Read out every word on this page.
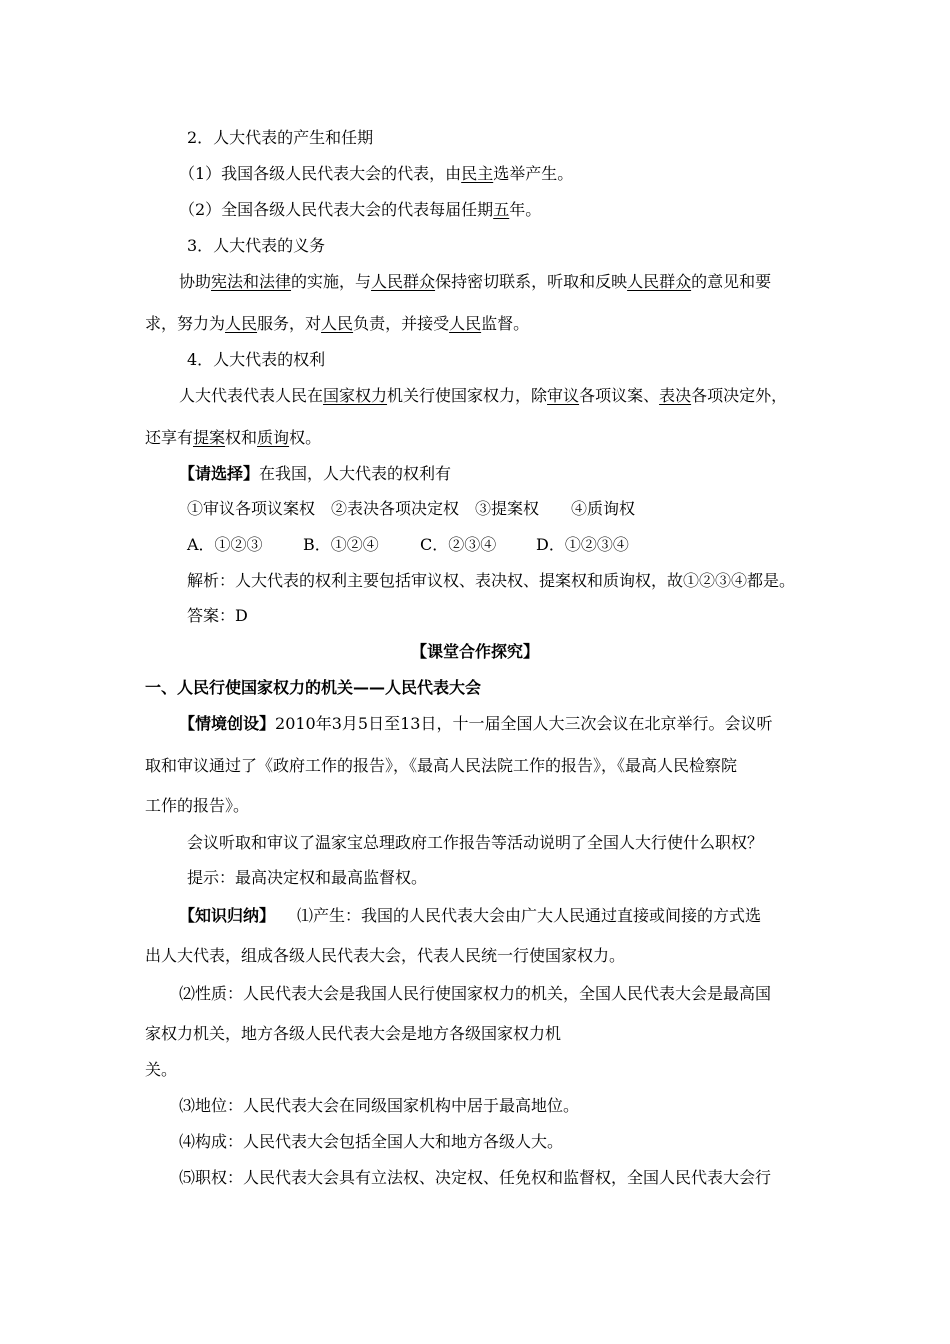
2．人大代表的产生和任期
（1）我国各级人民代表大会的代表，由民主选举产生。
（2）全国各级人民代表大会的代表每届任期五年。
3．人大代表的义务
协助宪法和法律的实施，与人民群众保持密切联系，听取和反映人民群众的意见和要
求，努力为人民服务，对人民负责，并接受人民监督。
4．人大代表的权利
人大代表代表人民在国家权力机关行使国家权力，除审议各项议案、表决各项决定外，
还享有提案权和质询权。
【请选择】在我国，人大代表的权利有
①审议各项议案权　②表决各项决定权　③提案权　　④质询权
A．①②③	B．①②④	C．②③④ D．①②③④
解析：人大代表的权利主要包括审议权、表决权、提案权和质询权，故①②③④都是。
答案：D
【课堂合作探究】
一、人民行使国家权力的机关——人民代表大会
【情境创设】2010年3月5日至13日，十一届全国人大三次会议在北京举行。会议听
取和审议通过了《政府工作的报告》，《最高人民法院工作的报告》，《最高人民检察院
工作的报告》。
会议听取和审议了温家宝总理政府工作报告等活动说明了全国人大行使什么职权？
提示：最高决定权和最高监督权。
【知识归纳】 ⑴产生：我国的人民代表大会由广大人民通过直接或间接的方式选
出人大代表，组成各级人民代表大会，代表人民统一行使国家权力。
⑵性质：人民代表大会是我国人民行使国家权力的机关，全国人民代表大会是最高国
家权力机关，地方各级人民代表大会是地方各级国家权力机
关。
⑶地位：人民代表大会在同级国家机构中居于最高地位。
⑷构成：人民代表大会包括全国人大和地方各级人大。
⑸职权：人民代表大会具有立法权、决定权、任免权和监督权，全国人民代表大会行
